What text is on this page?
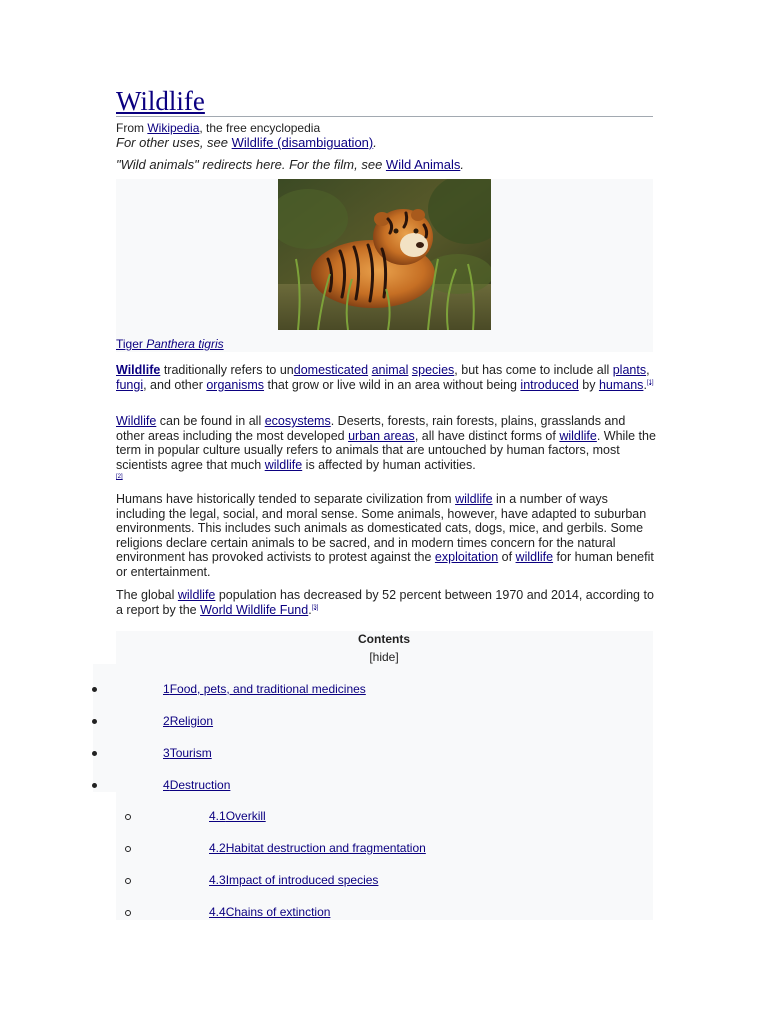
Wildlife
From Wikipedia, the free encyclopedia
For other uses, see Wildlife (disambiguation).
"Wild animals" redirects here. For the film, see Wild Animals.
Tiger Panthera tigris
Wildlife traditionally refers to undomesticated animal species, but has come to include all plants, fungi, and other organisms that grow or live wild in an area without being introduced by humans.[1]
Wildlife can be found in all ecosystems. Deserts, forests, rain forests, plains, grasslands and other areas including the most developed urban areas, all have distinct forms of wildlife. While the term in popular culture usually refers to animals that are untouched by human factors, most scientists agree that much wildlife is affected by human activities.
[2]
Humans have historically tended to separate civilization from wildlife in a number of ways including the legal, social, and moral sense. Some animals, however, have adapted to suburban environments. This includes such animals as domesticated cats, dogs, mice, and gerbils. Some religions declare certain animals to be sacred, and in modern times concern for the natural environment has provoked activists to protest against the exploitation of wildlife for human benefit or entertainment.
The global wildlife population has decreased by 52 percent between 1970 and 2014, according to a report by the World Wildlife Fund.[3]
Contents
[hide]
1Food, pets, and traditional medicines
2Religion
3Tourism
4Destruction
4.1Overkill
4.2Habitat destruction and fragmentation
4.3Impact of introduced species
4.4Chains of extinction
